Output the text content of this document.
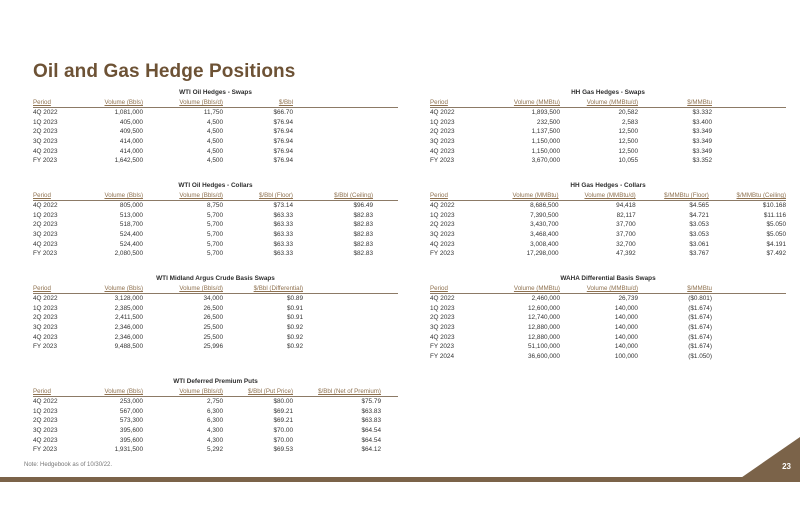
Oil and Gas Hedge Positions
WTI Oil Hedges - Swaps
Period	Volume (Bbls)	Volume (Bbls/d)	$/Bbl
4Q 2022	1,081,000	11,750	$66.70
1Q 2023	405,000	4,500	$76.94
2Q 2023	409,500	4,500	$76.94
3Q 2023	414,000	4,500	$76.94
4Q 2023	414,000	4,500	$76.94
FY 2023	1,642,500	4,500	$76.94
WTI Oil Hedges - Collars
Period	Volume (Bbls)	Volume (Bbls/d)	$/Bbl (Floor)	$/Bbl (Ceiling)
4Q 2022	805,000	8,750	$73.14	$96.49
1Q 2023	513,000	5,700	$63.33	$82.83
2Q 2023	518,700	5,700	$63.33	$82.83
3Q 2023	524,400	5,700	$63.33	$82.83
4Q 2023	524,400	5,700	$63.33	$82.83
FY 2023	2,080,500	5,700	$63.33	$82.83
WTI Midland Argus Crude Basis Swaps
Period	Volume (Bbls)	Volume (Bbls/d)	$/Bbl (Differential)
4Q 2022	3,128,000	34,000	$0.89
1Q 2023	2,385,000	26,500	$0.91
2Q 2023	2,411,500	26,500	$0.91
3Q 2023	2,346,000	25,500	$0.92
4Q 2023	2,346,000	25,500	$0.92
FY 2023	9,488,500	25,996	$0.92
WTI Deferred Premium Puts
Period	Volume (Bbls)	Volume (Bbls/d)	$/Bbl (Put Price)	$/Bbl (Net of Premium)
4Q 2022	253,000	2,750	$80.00	$75.79
1Q 2023	567,000	6,300	$69.21	$63.83
2Q 2023	573,300	6,300	$69.21	$63.83
3Q 2023	395,600	4,300	$70.00	$64.54
4Q 2023	395,600	4,300	$70.00	$64.54
FY 2023	1,931,500	5,292	$69.53	$64.12
HH Gas Hedges - Swaps
Period	Volume (MMBtu)	Volume (MMBtu/d)	$/MMBtu
4Q 2022	1,893,500	20,582	$3.332
1Q 2023	232,500	2,583	$3.400
2Q 2023	1,137,500	12,500	$3.349
3Q 2023	1,150,000	12,500	$3.349
4Q 2023	1,150,000	12,500	$3.349
FY 2023	3,670,000	10,055	$3.352
HH Gas Hedges - Collars
Period	Volume (MMBtu)	Volume (MMBtu/d)	$/MMBtu (Floor)	$/MMBtu (Ceiling)
4Q 2022	8,686,500	94,418	$4.565	$10.168
1Q 2023	7,390,500	82,117	$4.721	$11.116
2Q 2023	3,430,700	37,700	$3.053	$5.050
3Q 2023	3,468,400	37,700	$3.053	$5.050
4Q 2023	3,008,400	32,700	$3.061	$4.191
FY 2023	17,298,000	47,392	$3.767	$7.492
WAHA Differential Basis Swaps
Period	Volume (MMBtu)	Volume (MMBtu/d)	$/MMBtu
4Q 2022	2,460,000	26,739	($0.801)
1Q 2023	12,600,000	140,000	($1.674)
2Q 2023	12,740,000	140,000	($1.674)
3Q 2023	12,880,000	140,000	($1.674)
4Q 2023	12,880,000	140,000	($1.674)
FY 2023	51,100,000	140,000	($1.674)
FY 2024	36,600,000	100,000	($1.050)
Note: Hedgebook as of 10/30/22.	23
